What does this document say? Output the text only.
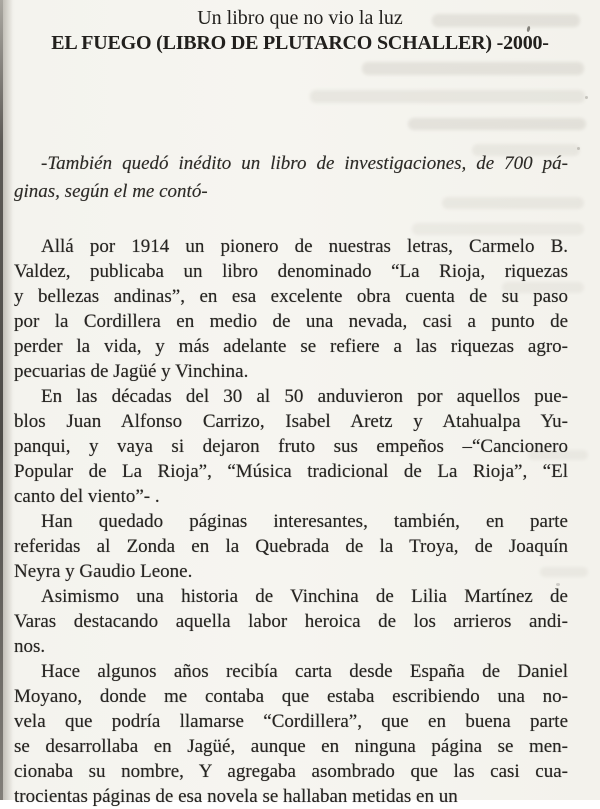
Un libro que no vio la luz
EL FUEGO (LIBRO DE PLUTARCO SCHALLER) -2000-
-También quedó inédito un libro de investigaciones, de 700 pá-
ginas, según el me contó-
Allá por 1914 un pionero de nuestras letras, Carmelo B.
Valdez, publicaba un libro denominado “La Rioja, riquezas
y bellezas andinas”, en esa excelente obra cuenta de su paso
por la Cordillera en medio de una nevada, casi a punto de
perder la vida, y más adelante se refiere a las riquezas agro-
pecuarias de Jagüé y Vinchina.
En las décadas del 30 al 50 anduvieron por aquellos pue-
blos Juan Alfonso Carrizo, Isabel Aretz y Atahualpa Yu-
panqui, y vaya si dejaron fruto sus empeños –“Cancionero
Popular de La Rioja”, “Música tradicional de La Rioja”, “El
canto del viento”- .
Han quedado páginas interesantes, también, en parte
referidas al Zonda en la Quebrada de la Troya, de Joaquín
Neyra y Gaudio Leone.
Asimismo una historia de Vinchina de Lilia Martínez de
Varas destacando aquella labor heroica de los arrieros andi-
nos.
Hace algunos años recibía carta desde España de Daniel
Moyano, donde me contaba que estaba escribiendo una no-
vela que podría llamarse “Cordillera”, que en buena parte
se desarrollaba en Jagüé, aunque en ninguna página se men-
cionaba su nombre, Y agregaba asombrado que las casi cua-
trocientas páginas de esa novela se hallaban metidas en un
